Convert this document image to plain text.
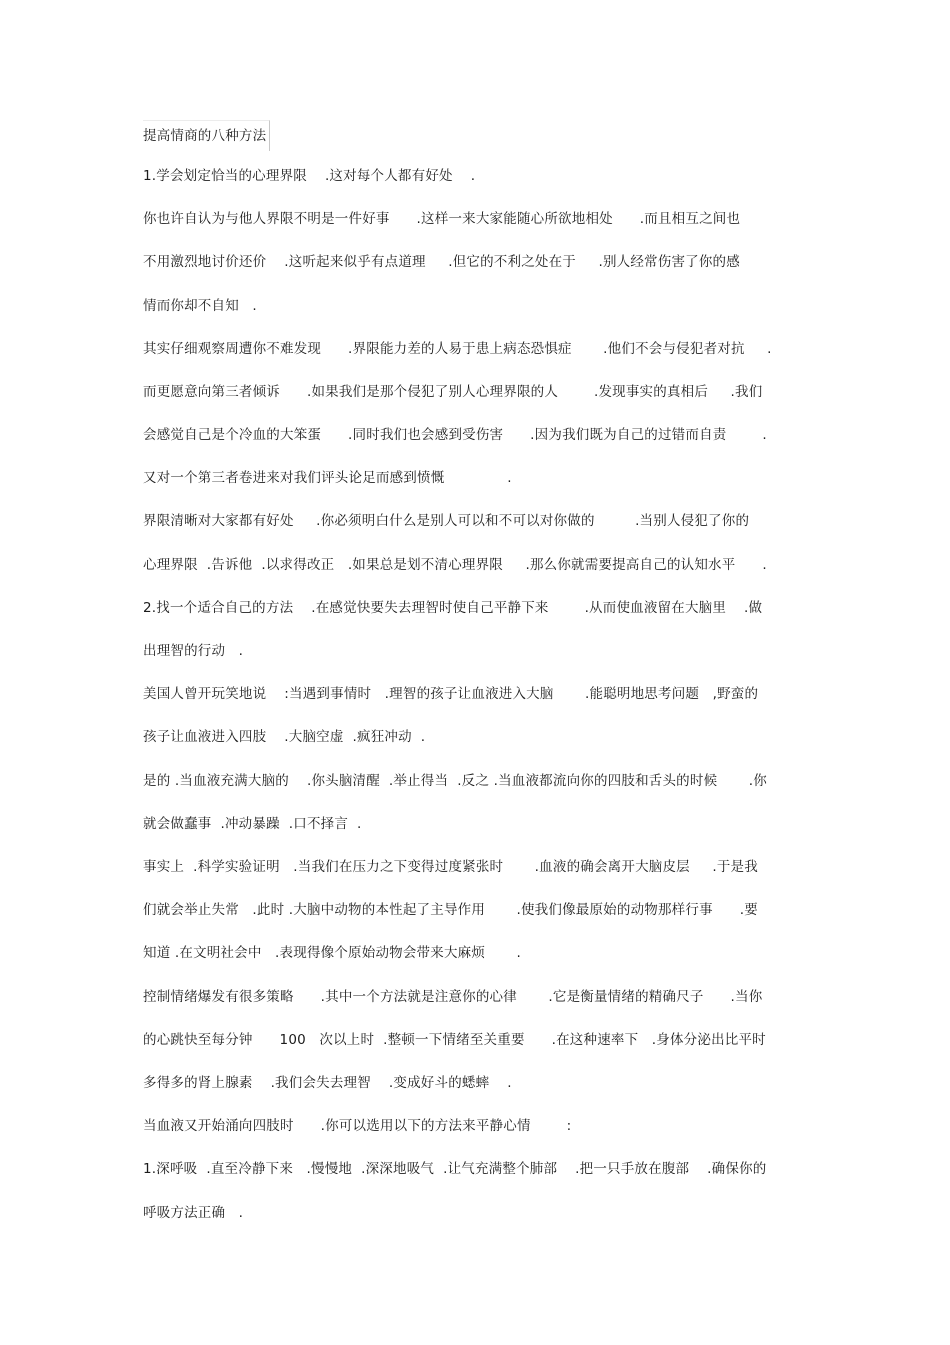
提高情商的八种方法
1.学会划定恰当的心理界限    .这对每个人都有好处    .
你也许自认为与他人界限不明是一件好事      .这样一来大家能随心所欲地相处      .而且相互之间也
不用激烈地讨价还价    .这听起来似乎有点道理     .但它的不利之处在于     .别人经常伤害了你的感
情而你却不自知   .
其实仔细观察周遭你不难发现      .界限能力差的人易于患上病态恐惧症       .他们不会与侵犯者对抗     .
而更愿意向第三者倾诉      .如果我们是那个侵犯了别人心理界限的人        .发现事实的真相后     .我们
会感觉自己是个冷血的大笨蛋      .同时我们也会感到受伤害      .因为我们既为自己的过错而自责        .
又对一个第三者卷进来对我们评头论足而感到愤慨              .
界限清晰对大家都有好处     .你必须明白什么是别人可以和不可以对你做的         .当别人侵犯了你的
心理界限  .告诉他  .以求得改正   .如果总是划不清心理界限     .那么你就需要提高自己的认知水平      .
2.找一个适合自己的方法    .在感觉快要失去理智时使自己平静下来        .从而使血液留在大脑里    .做
出理智的行动   .
美国人曾开玩笑地说    :当遇到事情时   .理智的孩子让血液进入大脑       .能聪明地思考问题   ,野蛮的
孩子让血液进入四肢    .大脑空虚  .疯狂冲动  .
是的 .当血液充满大脑的    .你头脑清醒  .举止得当  .反之 .当血液都流向你的四肢和舌头的时候       .你
就会做蠢事  .冲动暴躁  .口不择言  .
事实上  .科学实验证明   .当我们在压力之下变得过度紧张时       .血液的确会离开大脑皮层     .于是我
们就会举止失常   .此时 .大脑中动物的本性起了主导作用       .使我们像最原始的动物那样行事      .要
知道 .在文明社会中   .表现得像个原始动物会带来大麻烦       .
控制情绪爆发有很多策略      .其中一个方法就是注意你的心律       .它是衡量情绪的精确尺子      .当你
的心跳快至每分钟      100   次以上时  .整顿一下情绪至关重要      .在这种速率下   .身体分泌出比平时
多得多的肾上腺素    .我们会失去理智    .变成好斗的蟋蟀    .
当血液又开始涌向四肢时      .你可以选用以下的方法来平静心情        :
1.深呼吸  .直至冷静下来   .慢慢地  .深深地吸气  .让气充满整个肺部    .把一只手放在腹部    .确保你的
呼吸方法正确   .
